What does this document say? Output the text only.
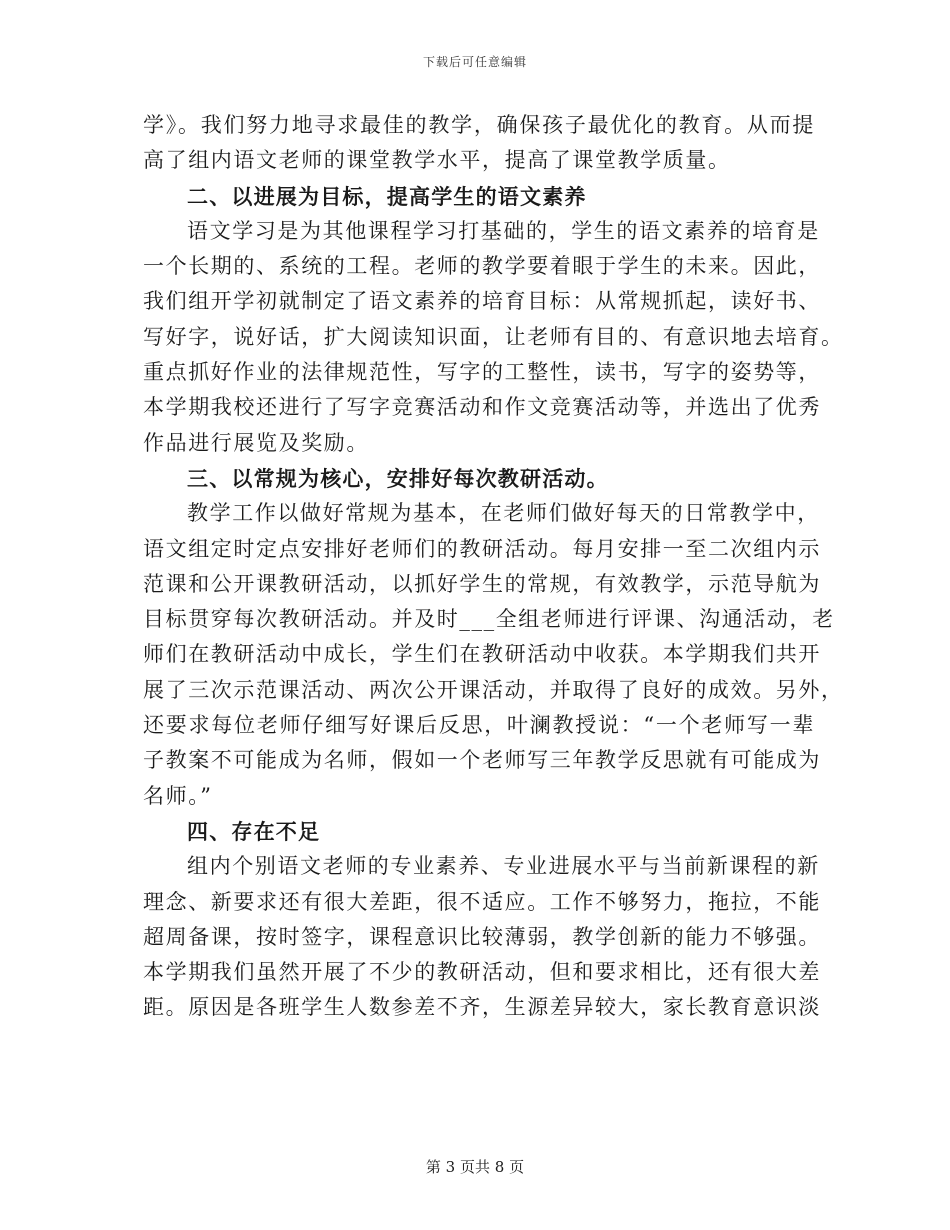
下载后可任意编辑
学》。我们努力地寻求最佳的教学，确保孩子最优化的教育。从而提
高了组内语文老师的课堂教学水平，提高了课堂教学质量。
二、以进展为目标，提高学生的语文素养
语文学习是为其他课程学习打基础的，学生的语文素养的培育是
一个长期的、系统的工程。老师的教学要着眼于学生的未来。因此，
我们组开学初就制定了语文素养的培育目标：从常规抓起，读好书、
写好字，说好话，扩大阅读知识面，让老师有目的、有意识地去培育。
重点抓好作业的法律规范性，写字的工整性，读书，写字的姿势等，
本学期我校还进行了写字竞赛活动和作文竞赛活动等，并选出了优秀
作品进行展览及奖励。
三、以常规为核心，安排好每次教研活动。
教学工作以做好常规为基本，在老师们做好每天的日常教学中，
语文组定时定点安排好老师们的教研活动。每月安排一至二次组内示
范课和公开课教研活动，以抓好学生的常规，有效教学，示范导航为
目标贯穿每次教研活动。并及时___全组老师进行评课、沟通活动，老
师们在教研活动中成长，学生们在教研活动中收获。本学期我们共开
展了三次示范课活动、两次公开课活动，并取得了良好的成效。另外，
还要求每位老师仔细写好课后反思，叶澜教授说：“一个老师写一辈
子教案不可能成为名师，假如一个老师写三年教学反思就有可能成为
名师。”
四、存在不足
组内个别语文老师的专业素养、专业进展水平与当前新课程的新
理念、新要求还有很大差距，很不适应。工作不够努力，拖拉，不能
超周备课，按时签字，课程意识比较薄弱，教学创新的能力不够强。
本学期我们虽然开展了不少的教研活动，但和要求相比，还有很大差
距。原因是各班学生人数参差不齐，生源差异较大，家长教育意识淡
第 3 页共 8 页
